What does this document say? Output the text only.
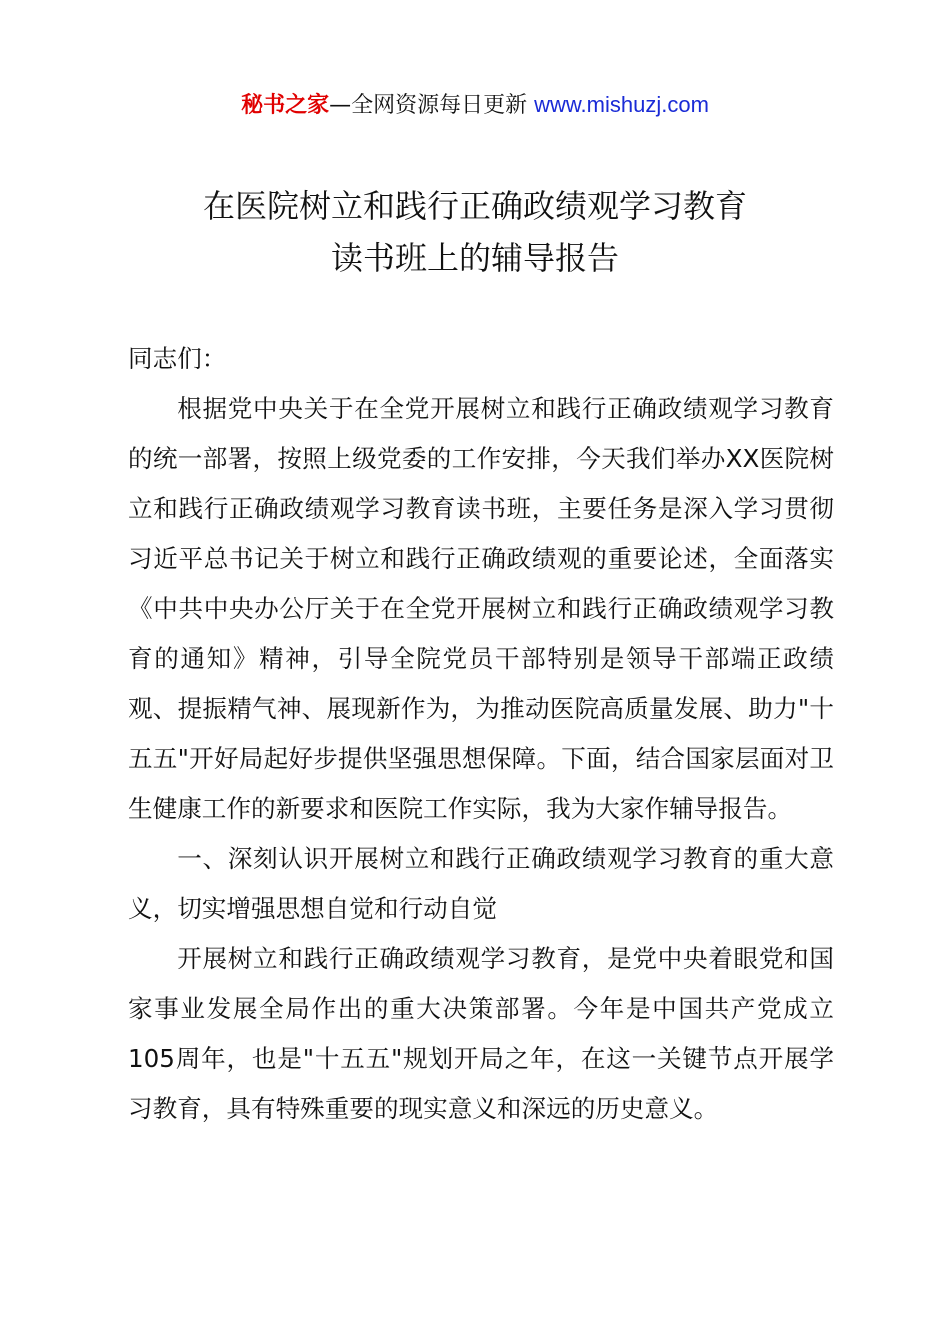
秘书之家—全网资源每日更新 www.mishuzj.com
在医院树立和践行正确政绩观学习教育
读书班上的辅导报告

同志们：

根据党中央关于在全党开展树立和践行正确政绩观学习教育的统一部署，按照上级党委的工作安排，今天我们举办XX医院树立和践行正确政绩观学习教育读书班，主要任务是深入学习贯彻习近平总书记关于树立和践行正确政绩观的重要论述，全面落实《中共中央办公厅关于在全党开展树立和践行正确政绩观学习教育的通知》精神，引导全院党员干部特别是领导干部端正政绩观、提振精气神、展现新作为，为推动医院高质量发展、助力"十五五"开好局起好步提供坚强思想保障。下面，结合国家层面对卫生健康工作的新要求和医院工作实际，我为大家作辅导报告。

一、深刻认识开展树立和践行正确政绩观学习教育的重大意义，切实增强思想自觉和行动自觉

开展树立和践行正确政绩观学习教育，是党中央着眼党和国家事业发展全局作出的重大决策部署。今年是中国共产党成立105周年，也是"十五五"规划开局之年，在这一关键节点开展学习教育，具有特殊重要的现实意义和深远的历史意义。
